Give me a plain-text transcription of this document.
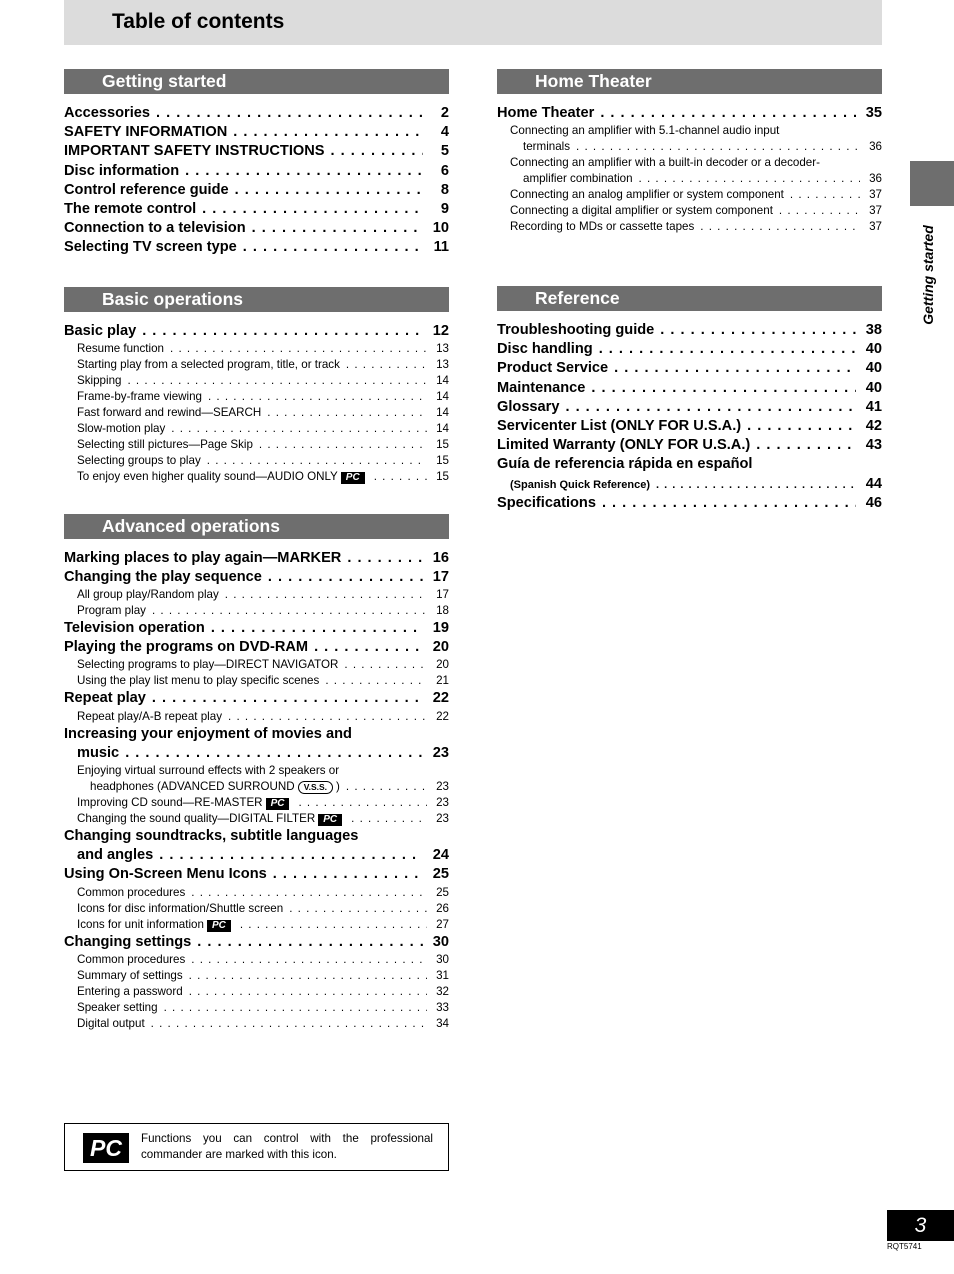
Table of contents
Getting started
Accessories . . .	2
SAFETY INFORMATION . . .	4
IMPORTANT SAFETY INSTRUCTIONS . . .	5
Disc information . . .	6
Control reference guide . . .	8
The remote control . . .	9
Connection to a television . . .	10
Selecting TV screen type . . .	11
Basic operations
Basic play . . .	12
Resume function . . .	13
Starting play from a selected program, title, or track . . .	13
Skipping . . .	14
Frame-by-frame viewing . . .	14
Fast forward and rewind—SEARCH . . .	14
Slow-motion play . . .	14
Selecting still pictures—Page Skip . . .	15
Selecting groups to play . . .	15
To enjoy even higher quality sound—AUDIO ONLY PC . . .	15
Advanced operations
Marking places to play again—MARKER . . .	16
Changing the play sequence . . .	17
All group play/Random play . . .	17
Program play . . .	18
Television operation . . .	19
Playing the programs on DVD-RAM . . .	20
Selecting programs to play—DIRECT NAVIGATOR . . .	20
Using the play list menu to play specific scenes . . .	21
Repeat play . . .	22
Repeat play/A-B repeat play . . .	22
Increasing your enjoyment of movies and
music . . .	23
Enjoying virtual surround effects with 2 speakers or
headphones (ADVANCED SURROUND V.S.S. ) . . .	23
Improving CD sound—RE-MASTER PC . . .	23
Changing the sound quality—DIGITAL FILTER PC . . .	23
Changing soundtracks, subtitle languages
and angles . . .	24
Using On-Screen Menu Icons . . .	25
Common procedures . . .	25
Icons for disc information/Shuttle screen . . .	26
Icons for unit information PC . . .	27
Changing settings . . .	30
Common procedures . . .	30
Summary of settings . . .	31
Entering a password . . .	32
Speaker setting . . .	33
Digital output . . .	34
Home Theater
Home Theater . . .	35
Connecting an amplifier with 5.1-channel audio input
terminals . . .	36
Connecting an amplifier with a built-in decoder or a decoder-
amplifier combination . . .	36
Connecting an analog amplifier or system component . . .	37
Connecting a digital amplifier or system component . . .	37
Recording to MDs or cassette tapes . . .	37
Reference
Troubleshooting guide . . .	38
Disc handling . . .	40
Product Service . . .	40
Maintenance . . .	40
Glossary . . .	41
Servicenter List (ONLY FOR U.S.A.) . . .	42
Limited Warranty (ONLY FOR U.S.A.) . . .	43
Guía de referencia rápida en español
(Spanish Quick Reference) . . .	44
Specifications . . .	46
PC	Functions you can control with the professional commander are marked with this icon.
Getting started
3
RQT5741
